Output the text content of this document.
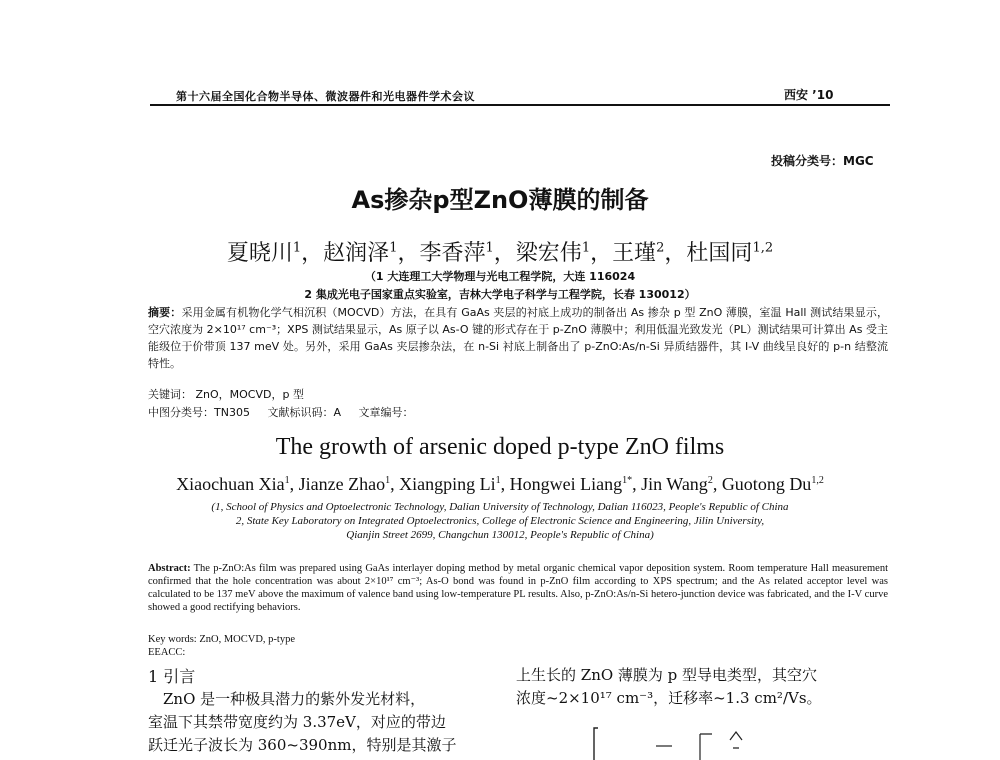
第十六届全国化合物半导体、微波器件和光电器件学术会议	西安 ’10
投稿分类号：MGC
As掺杂p型ZnO薄膜的制备
夏晓川$^1$，赵润泽$^1$，李香萍$^1$，梁宏伟$^1$，王瑾$^2$，杜国同$^{1,2}$
（1 大连理工大学物理与光电工程学院，大连 116024
2 集成光电子国家重点实验室，吉林大学电子科学与工程学院，长春 130012）
摘要：采用金属有机物化学气相沉积（MOCVD）方法，在具有 GaAs 夹层的衬底上成功的制备出 As 掺杂 p 型 ZnO 薄膜，室温 Hall 测试结果显示，空穴浓度为 2×10¹⁷ cm⁻³；XPS 测试结果显示，As 原子以 As-O 键的形式存在于 p-ZnO 薄膜中；利用低温光致发光（PL）测试结果可计算出 As 受主能级位于价带顶 137 meV 处。另外，采用 GaAs 夹层掺杂法，在 n-Si 衬底上制备出了 p-ZnO:As/n-Si 异质结器件，其 I-V 曲线呈良好的 p-n 结整流特性。
关键词： ZnO，MOCVD，p 型
中图分类号：TN305 文献标识码：A 文章编号：
The growth of arsenic doped p-type ZnO films
Xiaochuan Xia$^1$, Jianze Zhao$^1$, Xiangping Li$^1$, Hongwei Liang$^{1*}$, Jin Wang$^2$, Guotong Du$^{1,2}$
(1, School of Physics and Optoelectronic Technology, Dalian University of Technology, Dalian 116023, People's Republic of China
2, State Key Laboratory on Integrated Optoelectronics, College of Electronic Science and Engineering, Jilin University,
Qianjin Street 2699, Changchun 130012, People's Republic of China)
Abstract: The p-ZnO:As film was prepared using GaAs interlayer doping method by metal organic chemical vapor deposition system. Room temperature Hall measurement confirmed that the hole concentration was about 2×10¹⁷ cm⁻³; As-O bond was found in p-ZnO film according to XPS spectrum; and the As related acceptor level was calculated to be 137 meV above the maximum of valence band using low-temperature PL results. Also, p-ZnO:As/n-Si hetero-junction device was fabricated, and the I-V curve showed a good rectifying behaviors.
Key words: ZnO, MOCVD, p-type
EEACC:
1 引言
　ZnO 是一种极具潜力的紫外发光材料，
室温下其禁带宽度约为 3.37eV，对应的带边
跃迁光子波长为 360~390nm，特别是其激子
上生长的 ZnO 薄膜为 p 型导电类型，其空穴
浓度~2×10¹⁷ cm⁻³，迁移率~1.3 cm²/Vs。
